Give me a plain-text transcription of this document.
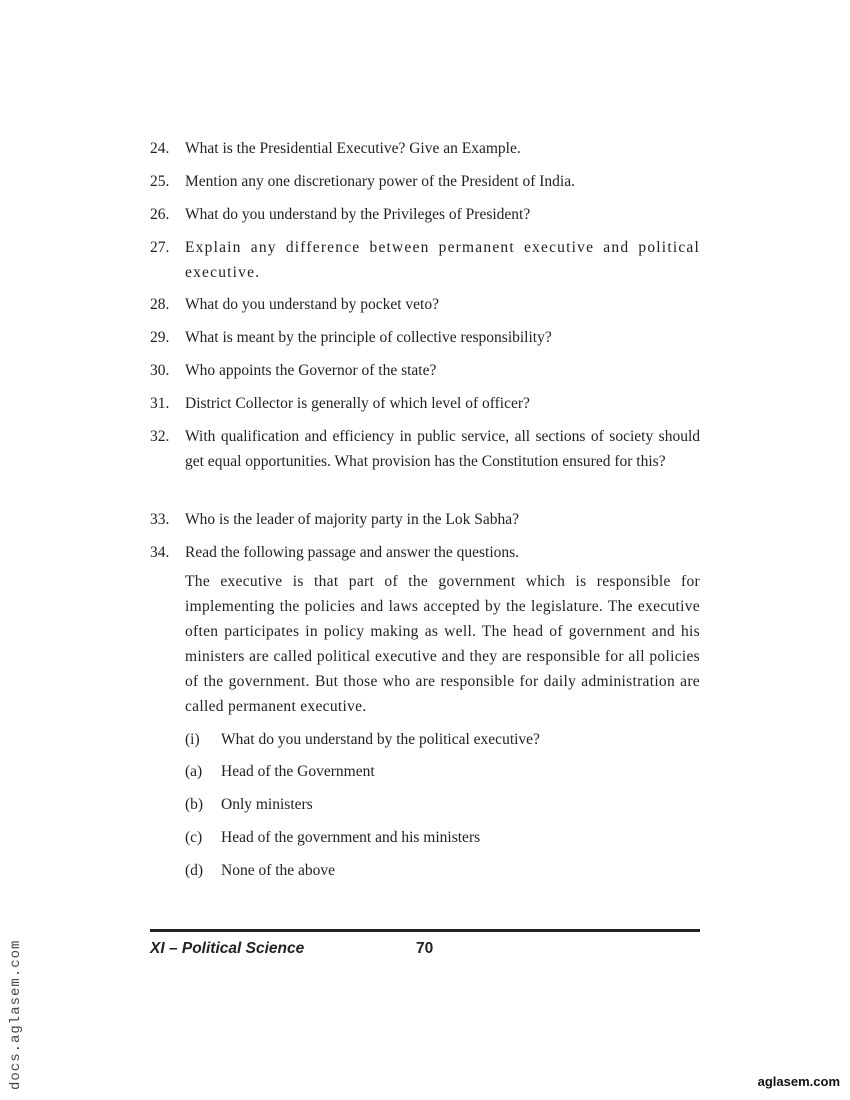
24. What is the Presidential Executive? Give an Example.
25. Mention any one discretionary power of the President of India.
26. What do you understand by the Privileges of President?
27. Explain any difference between permanent executive and political executive.
28. What do you understand by pocket veto?
29. What is meant by the principle of collective responsibility?
30. Who appoints the Governor of the state?
31. District Collector is generally of which level of officer?
32. With qualification and efficiency in public service, all sections of society should get equal opportunities. What provision has the Constitution ensured for this?
33. Who is the leader of majority party in the Lok Sabha?
34. Read the following passage and answer the questions.
The executive is that part of the government which is responsible for implementing the policies and laws accepted by the legislature. The executive often participates in policy making as well. The head of government and his ministers are called political executive and they are responsible for all policies of the government. But those who are responsible for daily administration are called permanent executive.
(i) What do you understand by the political executive?
(a) Head of the Government
(b) Only ministers
(c) Head of the government and his ministers
(d) None of the above
XI – Political Science	70
docs.aglasem.com	aglasem.com
